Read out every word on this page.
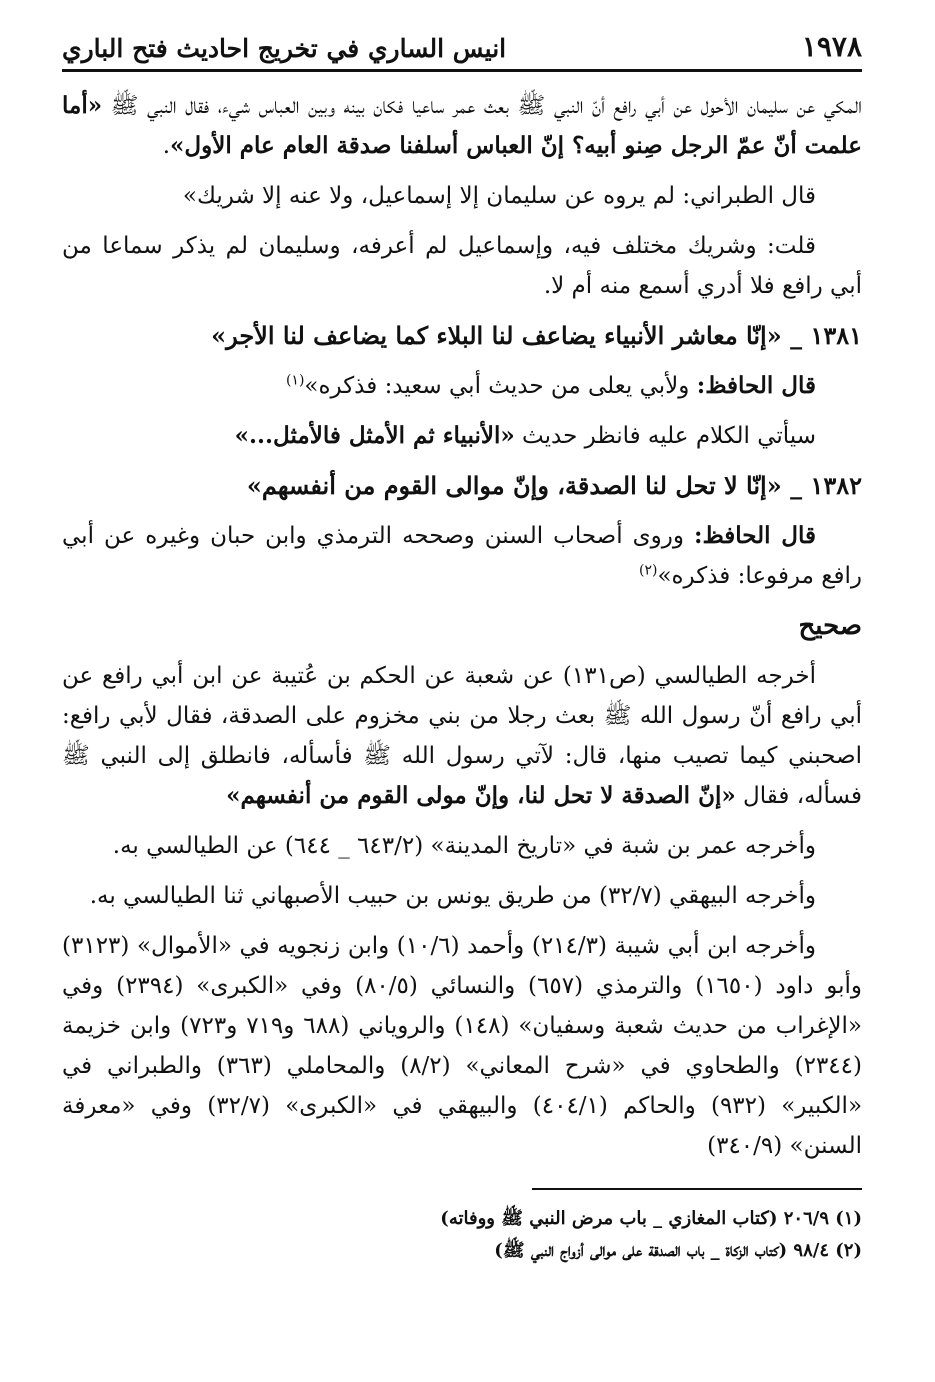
١٩٧٨
انيس الساري في تخريج احاديث فتح الباري

المكي عن سليمان الأحول عن أبي رافع أنّ النبي ﷺ بعث عمر ساعيا فكان بينه وبين العباس شيء، فقال النبي ﷺ «أما علمت أنّ عمّ الرجل صِنو أبيه؟ إنّ العباس أسلفنا صدقة العام عام الأول».

قال الطبراني: لم يروه عن سليمان إلا إسماعيل، ولا عنه إلا شريك»

قلت: وشريك مختلف فيه، وإسماعيل لم أعرفه، وسليمان لم يذكر سماعا من أبي رافع فلا أدري أسمع منه أم لا.

١٣٨١ _ «إنّا معاشر الأنبياء يضاعف لنا البلاء كما يضاعف لنا الأجر»

قال الحافظ: ولأبي يعلى من حديث أبي سعيد: فذكره»$^{(١)}$

سيأتي الكلام عليه فانظر حديث «الأنبياء ثم الأمثل فالأمثل...»

١٣٨٢ _ «إنّا لا تحل لنا الصدقة، وإنّ موالى القوم من أنفسهم»

قال الحافظ: وروى أصحاب السنن وصححه الترمذي وابن حبان وغيره عن أبي رافع مرفوعا: فذكره»$^{(٢)}$

صحيح

أخرجه الطيالسي (ص١٣١) عن شعبة عن الحكم بن عُتيبة عن ابن أبي رافع عن أبي رافع أنّ رسول الله ﷺ بعث رجلا من بني مخزوم على الصدقة، فقال لأبي رافع: اصحبني كيما تصيب منها، قال: لآتي رسول الله ﷺ فأسأله، فانطلق إلى النبي ﷺ فسأله، فقال «إنّ الصدقة لا تحل لنا، وإنّ مولى القوم من أنفسهم»

وأخرجه عمر بن شبة في «تاريخ المدينة» (٦٤٣/٢ _ ٦٤٤) عن الطيالسي به.

وأخرجه البيهقي (٣٢/٧) من طريق يونس بن حبيب الأصبهاني ثنا الطيالسي به.

وأخرجه ابن أبي شيبة (٢١٤/٣) وأحمد (١٠/٦) وابن زنجويه في «الأموال» (٣١٢٣) وأبو داود (١٦٥٠) والترمذي (٦٥٧) والنسائي (٨٠/٥) وفي «الكبرى» (٢٣٩٤) وفي «الإغراب من حديث شعبة وسفيان» (١٤٨) والروياني (٦٨٨ و٧١٩ و٧٢٣) وابن خزيمة (٢٣٤٤) والطحاوي في «شرح المعاني» (٨/٢) والمحاملي (٣٦٣) والطبراني في «الكبير» (٩٣٢) والحاكم (٤٠٤/١) والبيهقي في «الكبرى» (٣٢/٧) وفي «معرفة السنن» (٣٤٠/٩)

(١) ٢٠٦/٩ (كتاب المغازي _ باب مرض النبي ﷺ ووفاته)
(٢) ٩٨/٤ (كتاب الزكاة _ باب الصدقة على موالى أزواج النبي ﷺ)
